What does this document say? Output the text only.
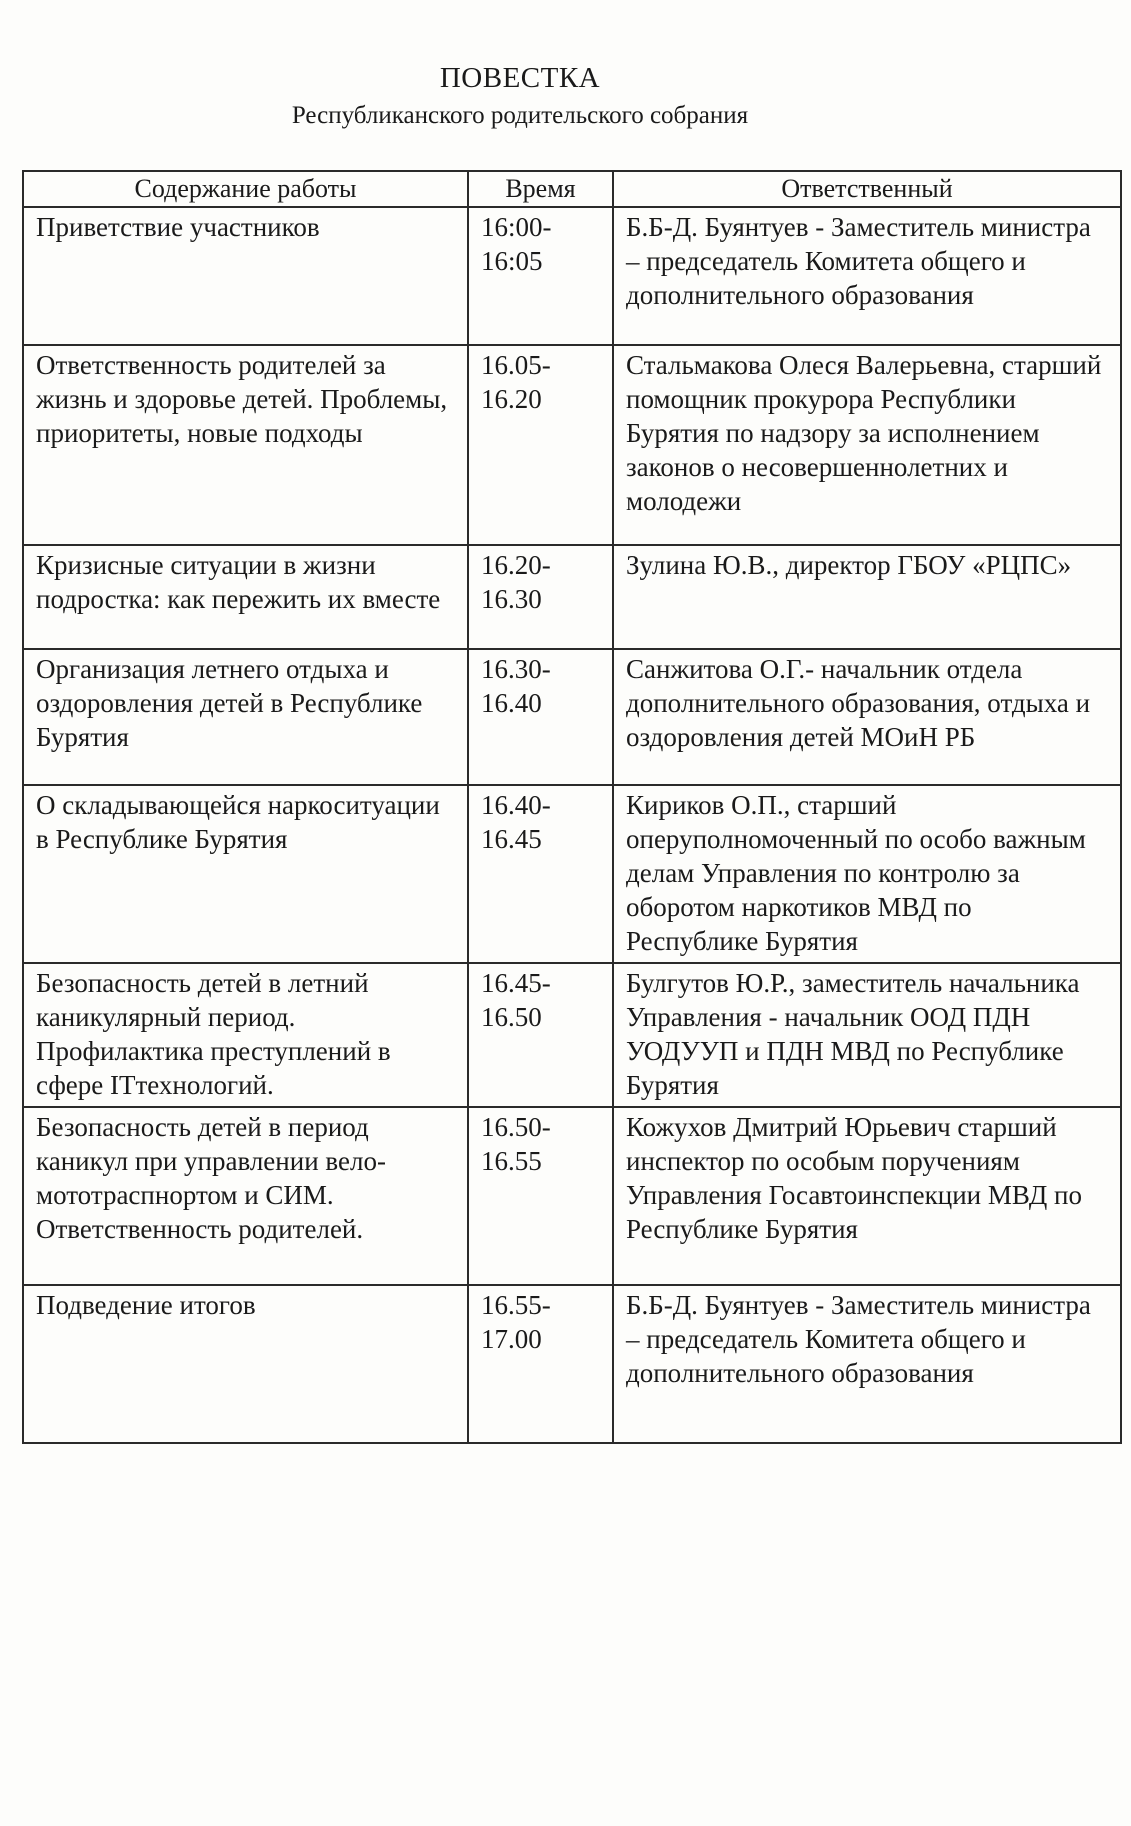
ПОВЕСТКА
Республиканского родительского собрания
Содержание работы	Время	Ответственный
Приветствие участников	16:00-16:05	Б.Б-Д. Буянтуев - Заместитель министра – председатель Комитета общего и дополнительного образования
Ответственность родителей за жизнь и здоровье детей. Проблемы, приоритеты, новые подходы	16.05-16.20	Стальмакова Олеся Валерьевна, старший помощник прокурора Республики Бурятия по надзору за исполнением законов о несовершеннолетних и молодежи
Кризисные ситуации в жизни подростка: как пережить их вместе	16.20-16.30	Зулина Ю.В., директор ГБОУ «РЦПС»
Организация летнего отдыха и оздоровления детей в Республике Бурятия	16.30-16.40	Санжитова О.Г.- начальник отдела дополнительного образования, отдыха и оздоровления детей МОиН РБ
О складывающейся наркоситуации в Республике Бурятия	16.40-16.45	Кириков О.П., старший оперуполномоченный по особо важным делам Управления по контролю за оборотом наркотиков МВД по Республике Бурятия
Безопасность детей в летний каникулярный период. Профилактика преступлений в сфере ITтехнологий.	16.45-16.50	Булгутов Ю.Р., заместитель начальника Управления - начальник ООД ПДН УОДУУП и ПДН МВД по Республике Бурятия
Безопасность детей в период каникул при управлении вело-мототраспнортом и СИМ. Ответственность родителей.	16.50-16.55	Кожухов Дмитрий Юрьевич старший инспектор по особым поручениям Управления Госавтоинспекции МВД по Республике Бурятия
Подведение итогов	16.55-17.00	Б.Б-Д. Буянтуев - Заместитель министра – председатель Комитета общего и дополнительного образования
